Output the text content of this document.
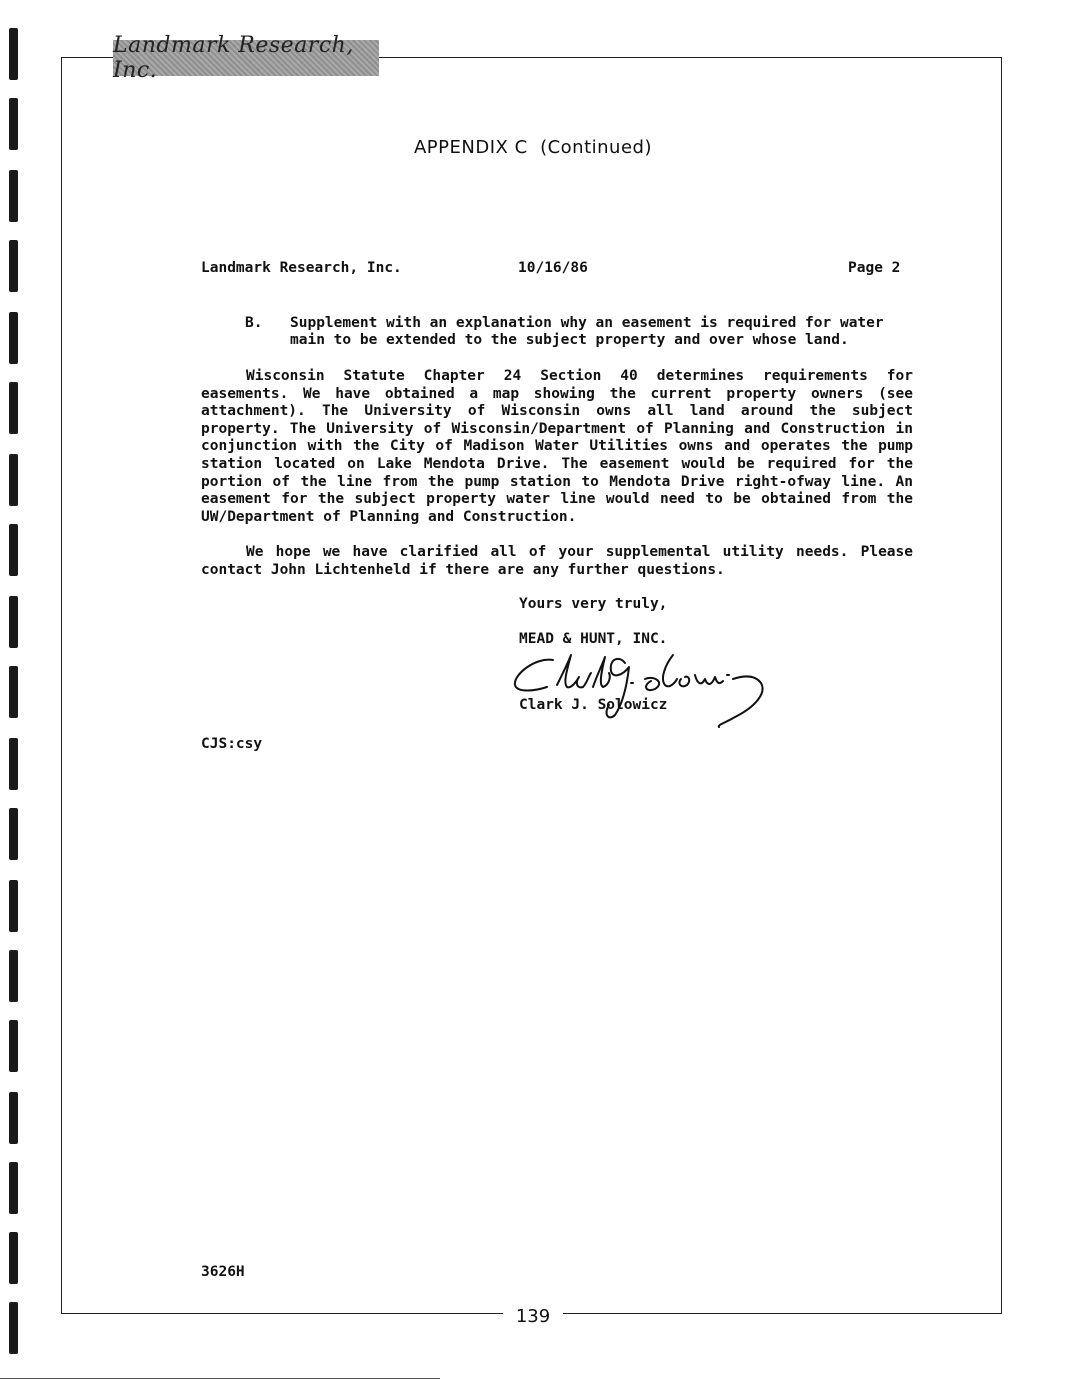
Landmark Research, Inc.
139
APPENDIX C  (Continued)
Landmark Research, Inc.	10/16/86	Page 2
B. Supplement with an explanation why an easement is required for water
main to be extended to the subject property and over whose land.
Wisconsin Statute Chapter 24 Section 40 determines requirements for easements. We have obtained a map showing the current property owners (see attachment). The University of Wisconsin owns all land around the subject property. The University of Wisconsin/Department of Planning and Construction in conjunction with the City of Madison Water Utilities owns and operates the pump station located on Lake Mendota Drive. The easement would be required for the portion of the line from the pump station to Mendota Drive right-ofway line. An easement for the subject property water line would need to be obtained from the UW/Department of Planning and Construction.
We hope we have clarified all of your supplemental utility needs. Please contact John Lichtenheld if there are any further questions.
Yours very truly,
MEAD & HUNT, INC.
Clark J. Solowicz
CJS:csy
3626H
